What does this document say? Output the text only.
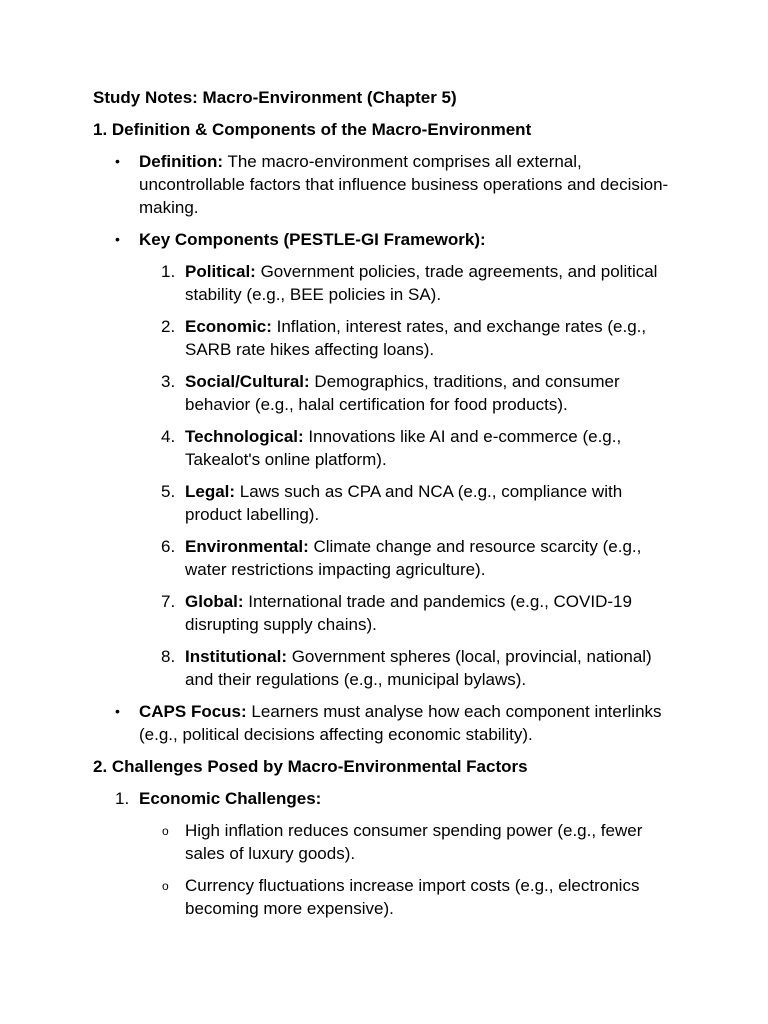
Study Notes: Macro-Environment (Chapter 5)
1. Definition & Components of the Macro-Environment
• Definition: The macro-environment comprises all external, uncontrollable factors that influence business operations and decision-making.
• Key Components (PESTLE-GI Framework):
1. Political: Government policies, trade agreements, and political stability (e.g., BEE policies in SA).
2. Economic: Inflation, interest rates, and exchange rates (e.g., SARB rate hikes affecting loans).
3. Social/Cultural: Demographics, traditions, and consumer behavior (e.g., halal certification for food products).
4. Technological: Innovations like AI and e-commerce (e.g., Takealot's online platform).
5. Legal: Laws such as CPA and NCA (e.g., compliance with product labelling).
6. Environmental: Climate change and resource scarcity (e.g., water restrictions impacting agriculture).
7. Global: International trade and pandemics (e.g., COVID-19 disrupting supply chains).
8. Institutional: Government spheres (local, provincial, national) and their regulations (e.g., municipal bylaws).
• CAPS Focus: Learners must analyse how each component interlinks (e.g., political decisions affecting economic stability).
2. Challenges Posed by Macro-Environmental Factors
1. Economic Challenges:
o High inflation reduces consumer spending power (e.g., fewer sales of luxury goods).
o Currency fluctuations increase import costs (e.g., electronics becoming more expensive).
